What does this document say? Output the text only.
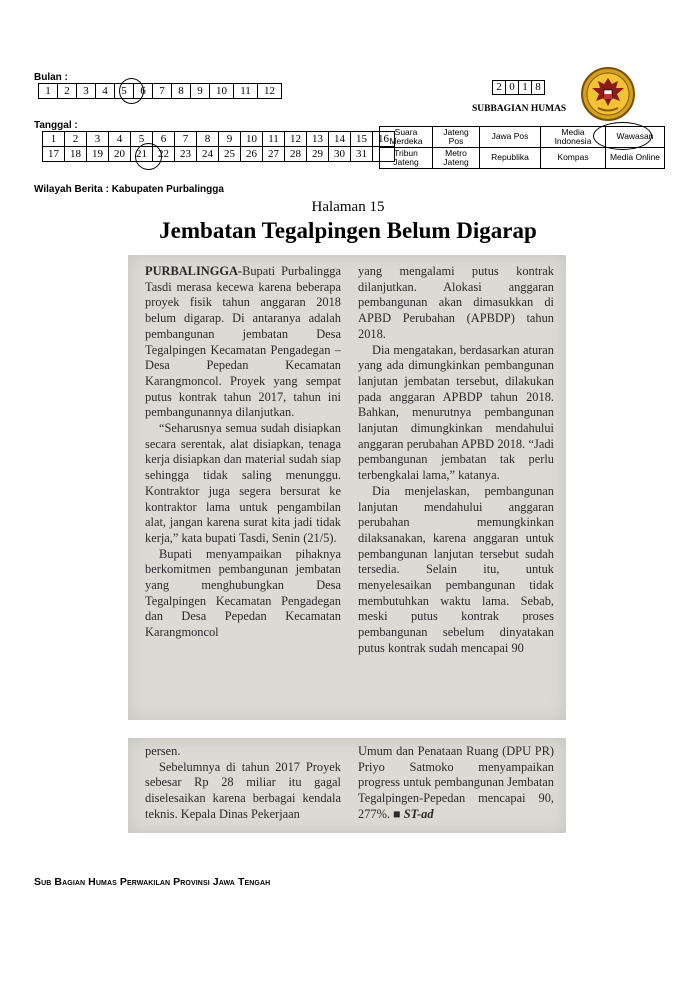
Bulan :
1	2	3	4	5	6	7	8	9	10	11	12
Tanggal :
1	2	3	4	5	6	7	8	9	10	11	12	13	14	15	16
17	18	19	20	21	22	23	24	25	26	27	28	29	30	31	
2	0	1	8
SUBBAGIAN HUMAS
Suara Merdeka	Jateng Pos	Jawa Pos	Media Indonesia	Wawasan
Tribun Jateng	Metro Jateng	Republika	Kompas	Media Online
Wilayah Berita : Kabupaten Purbalingga
Halaman 15
Jembatan Tegalpingen Belum Digarap

PURBALINGGA-Bupati Purbalingga Tasdi merasa kecewa karena beberapa proyek fisik tahun anggaran 2018 belum digarap. Di antaranya adalah pembangunan jembatan Desa Tegalpingen Kecamatan Pengadegan –Desa Pepedan Kecamatan Karangmoncol. Proyek yang sempat putus kontrak tahun 2017, tahun ini pembangunannya dilanjutkan.

“Seharusnya semua sudah disiapkan secara serentak, alat disiapkan, tenaga kerja disiapkan dan material sudah siap sehingga tidak saling menunggu. Kontraktor juga segera bersurat ke kontraktor lama untuk pengambilan alat, jangan karena surat kita jadi tidak kerja,” kata bupati Tasdi, Senin (21/5).

Bupati menyampaikan pihaknya berkomitmen pembangunan jembatan yang menghubungkan Desa Tegalpingen Kecamatan Pengadegan dan Desa Pepedan Kecamatan Karangmoncol

yang mengalami putus kontrak dilanjutkan. Alokasi anggaran pembangunan akan dimasukkan di APBD Perubahan (APBDP) tahun 2018.

Dia mengatakan, berdasarkan aturan yang ada dimungkinkan pembangunan lanjutan jembatan tersebut, dilakukan pada anggaran APBDP tahun 2018. Bahkan, menurutnya pembangunan lanjutan dimungkinkan mendahului anggaran perubahan APBD 2018. “Jadi pembangunan jembatan tak perlu terbengkalai lama,” katanya.

Dia menjelaskan, pembangunan lanjutan mendahului anggaran perubahan memungkinkan dilaksanakan, karena anggaran untuk pembangunan lanjutan tersebut sudah tersedia. Selain itu, untuk menyelesaikan pembangunan tidak membutuhkan waktu lama. Sebab, meski putus kontrak proses pembangunan sebelum dinyatakan putus kontrak sudah mencapai 90

persen.

Sebelumnya di tahun 2017 Proyek sebesar Rp 28 miliar itu gagal diselesaikan karena berbagai kendala teknis. Kepala Dinas Pekerjaan

Umum dan Penataan Ruang (DPU PR) Priyo Satmoko menyampaikan progress untuk pembangunan Jembatan Tegalpingen-Pepedan mencapai 90, 277%. ■ ST-ad

Sub Bagian Humas Perwakilan Provinsi Jawa Tengah
